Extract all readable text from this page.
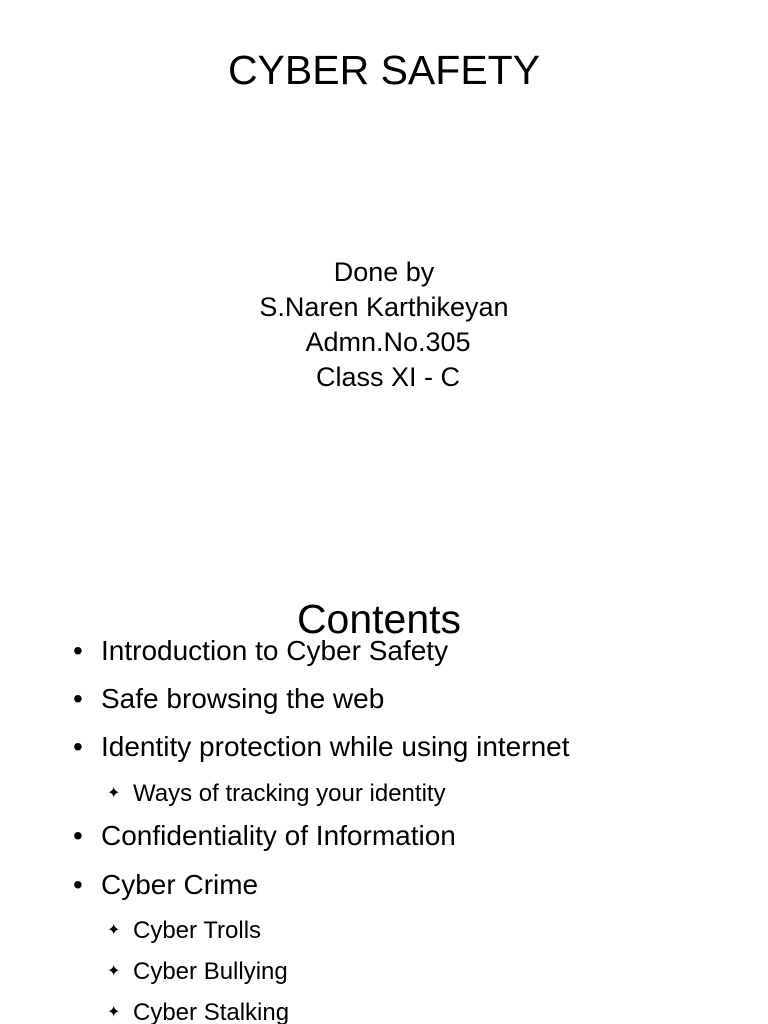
CYBER SAFETY
Done by
S.Naren Karthikeyan
Admn.No.305
Class XI - C
Contents
• Introduction to Cyber Safety
• Safe browsing the web
• Identity protection while using internet
✦ Ways of tracking your identity
• Confidentiality of Information
• Cyber Crime
✦ Cyber Trolls
✦ Cyber Bullying
✦ Cyber Stalking
